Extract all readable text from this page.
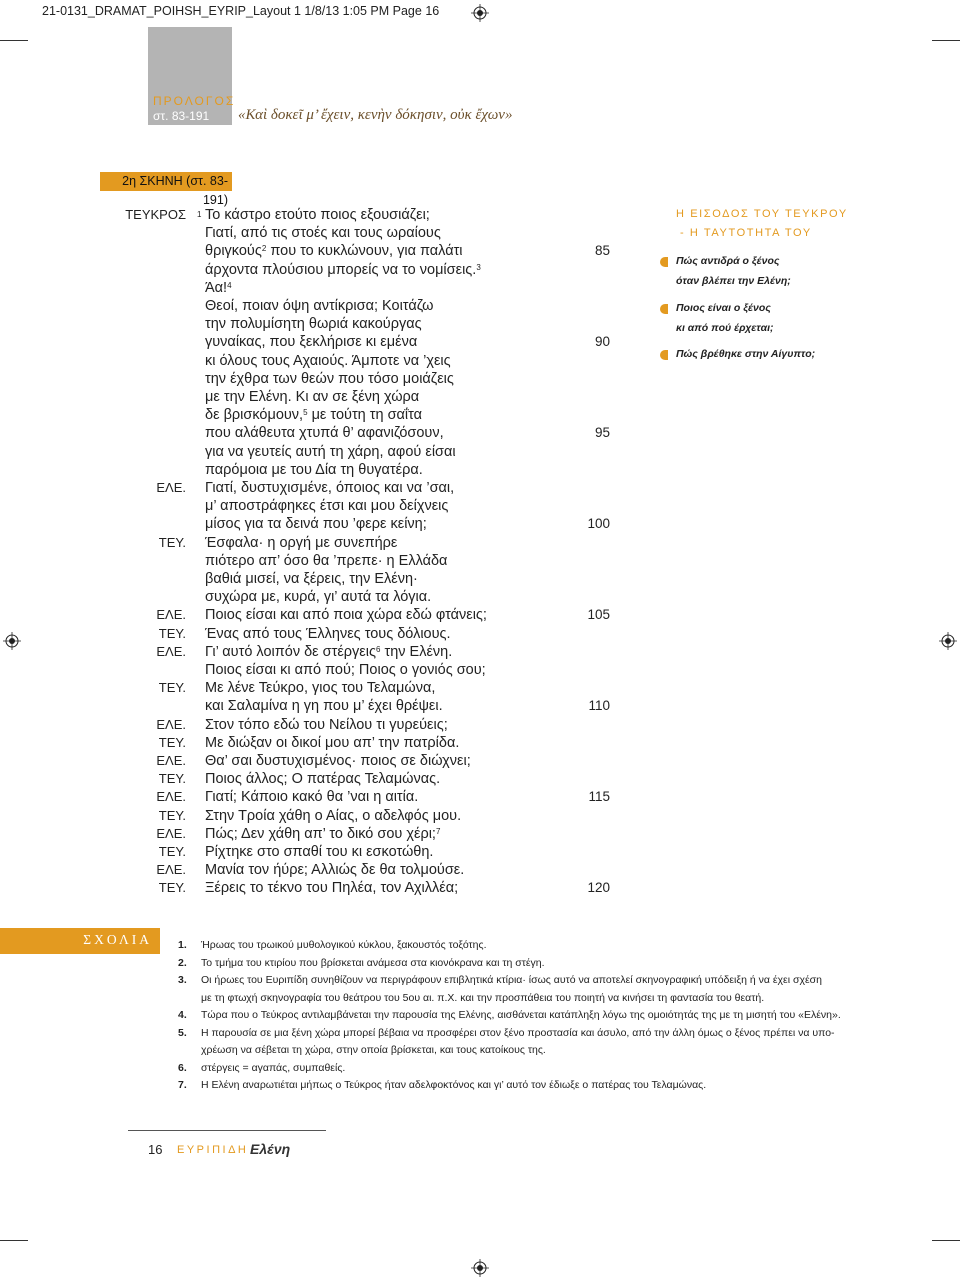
21-0131_DRAMAT_POIHSH_EYRIP_Layout 1 1/8/13 1:05 PM Page 16
ΠΡΟΛΟΓΟΣ
στ. 83-191 «Καὶ δοκεῖ μ’ ἔχειν, κενὴν δόκησιν, οὐκ ἔχων»
2η ΣΚΗΝΗ (στ. 83-191)
ΤΕΥΚΡΟΣ 1 Το κάστρο ετούτο ποιος εξουσιάζει;
Γιατί, από τις στοές και τους ωραίους
θριγκούς$^2$ που το κυκλώνουν, για παλάτι	85
άρχοντα πλούσιου μπορείς να το νομίσεις.$^3$
Άα!$^4$
Θεοί, ποιαν όψη αντίκρισα; Κοιτάζω
την πολυμίσητη θωριά κακούργας
γυναίκας, που ξεκλήρισε κι εμένα	90
κι όλους τους Αχαιούς. Άμποτε να ’χεις
την έχθρα των θεών που τόσο μοιάζεις
με την Ελένη. Κι αν σε ξένη χώρα
δε βρισκόμουν,$^5$ με τούτη τη σαΐτα
που αλάθευτα χτυπά θ’ αφανιζόσουν,	95
για να γευτείς αυτή τη χάρη, αφού είσαι
παρόμοια με του Δία τη θυγατέρα.
ΕΛΕ. Γιατί, δυστυχισμένε, όποιος και να ’σαι,
μ’ αποστράφηκες έτσι και μου δείχνεις
μίσος για τα δεινά που ’φερε κείνη;	100
ΤΕΥ. Έσφαλα· η οργή με συνεπήρε
πιότερο απ’ όσο θα ’πρεπε· η Ελλάδα
βαθιά μισεί, να ξέρεις, την Ελένη·
συχώρα με, κυρά, γι’ αυτά τα λόγια.
ΕΛΕ. Ποιος είσαι και από ποια χώρα εδώ φτάνεις;	105
ΤΕΥ. Ένας από τους Έλληνες τους δόλιους.
ΕΛΕ. Γι’ αυτό λοιπόν δε στέργεις$^6$ την Ελένη.
Ποιος είσαι κι από πού; Ποιος ο γονιός σου;
ΤΕΥ. Με λένε Τεύκρο, γιος του Τελαμώνα,
και Σαλαμίνα η γη που μ’ έχει θρέψει.	110
ΕΛΕ. Στον τόπο εδώ του Νείλου τι γυρεύεις;
ΤΕΥ. Με διώξαν οι δικοί μου απ’ την πατρίδα.
ΕΛΕ. Θα’ σαι δυστυχισμένος· ποιος σε διώχνει;
ΤΕΥ. Ποιος άλλος; Ο πατέρας Τελαμώνας.
ΕΛΕ. Γιατί; Κάποιο κακό θα ’ναι η αιτία.	115
ΤΕΥ. Στην Τροία χάθη ο Αίας, ο αδελφός μου.
ΕΛΕ. Πώς; Δεν χάθη απ’ το δικό σου χέρι;$^7$
ΤΕΥ. Ρίχτηκε στο σπαθί του κι εσκοτώθη.
ΕΛΕ. Μανία τον ήύρε; Αλλιώς δε θα τολμούσε.
ΤΕΥ. Ξέρεις το τέκνο του Πηλέα, τον Αχιλλέα;	120
Η ΕΙΣΟΔΟΣ ΤΟΥ ΤΕΥΚΡΟΥ
- Η ΤΑΥΤΟΤΗΤΑ ΤΟΥ
Πώς αντιδρά ο ξένος
όταν βλέπει την Ελένη;
Ποιος είναι ο ξένος
κι από πού έρχεται;
Πώς βρέθηκε στην Αίγυπτο;
ΣΧΟΛΙΑ 1. Ήρωας του τρωικού μυθολογικού κύκλου, ξακουστός τοξότης.
2. Το τμήμα του κτιρίου που βρίσκεται ανάμεσα στα κιονόκρανα και τη στέγη.
3. Οι ήρωες του Ευριπίδη συνηθίζουν να περιγράφουν επιβλητικά κτίρια· ίσως αυτό να αποτελεί σκηνογραφική υπόδειξη ή να έχει σχέση
με τη φτωχή σκηνογραφία του θεάτρου του 5ου αι. π.Χ. και την προσπάθεια του ποιητή να κινήσει τη φαντασία του θεατή.
4. Τώρα που ο Τεύκρος αντιλαμβάνεται την παρουσία της Ελένης, αισθάνεται κατάπληξη λόγω της ομοιότητάς της με τη μισητή του «Ελένη».
5. Η παρουσία σε μια ξένη χώρα μπορεί βέβαια να προσφέρει στον ξένο προστασία και άσυλο, από την άλλη όμως ο ξένος πρέπει να υπο-
χρέωση να σέβεται τη χώρα, στην οποία βρίσκεται, και τους κατοίκους της.
6. στέργεις = αγαπάς, συμπαθείς.
7. Η Ελένη αναρωτιέται μήπως ο Τεύκρος ήταν αδελφοκτόνος και γι’ αυτό τον έδιωξε ο πατέρας του Τελαμώνας.
16 ΕΥΡΙΠΙΔΗ Ελένη
